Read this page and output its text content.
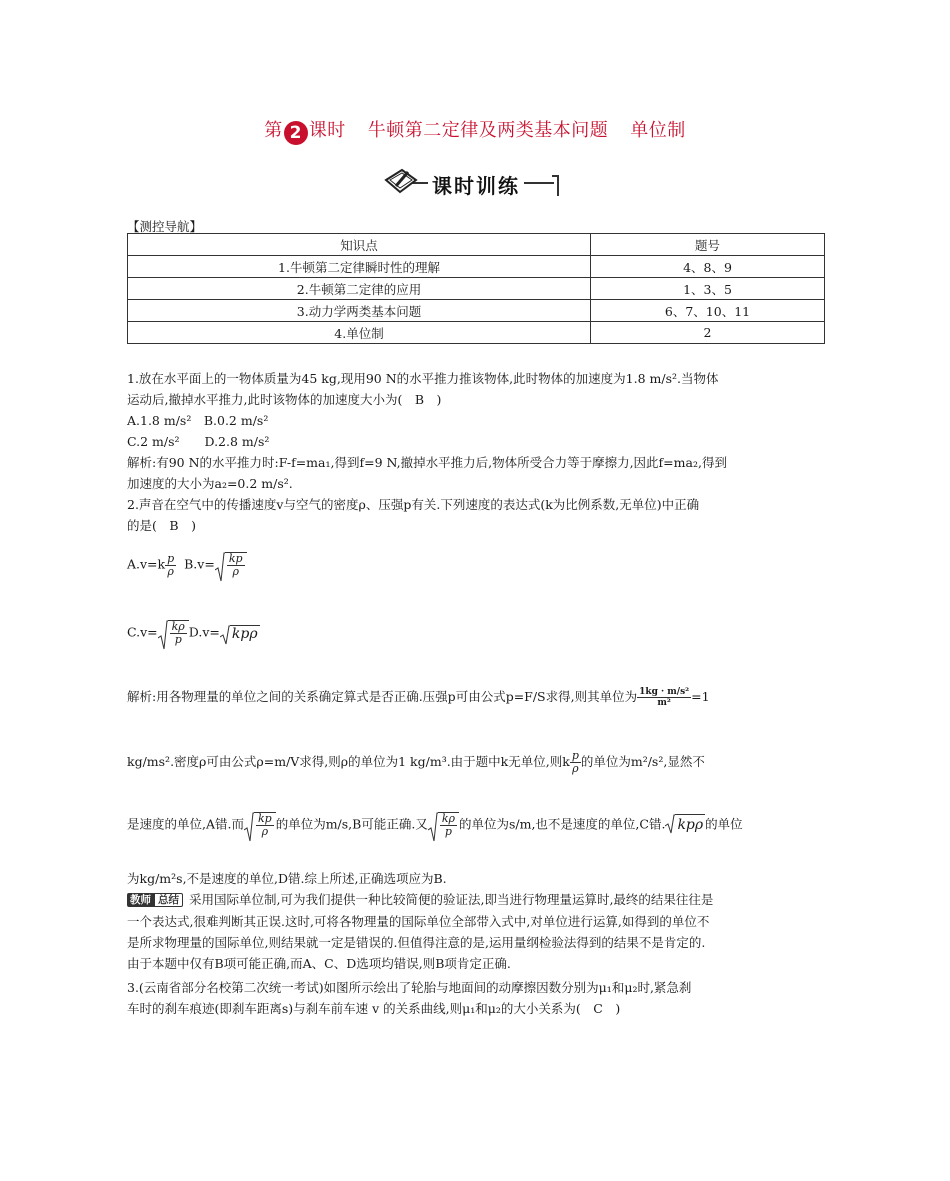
第 2 课时 牛顿第二定律及两类基本问题 单位制
课时训练
【测控导航】
知识点	题号
1.牛顿第二定律瞬时性的理解	4、8、9
2.牛顿第二定律的应用	1、3、5
3.动力学两类基本问题	6、7、10、11
4.单位制	2
1.放在水平面上的一物体质量为45 kg,现用90 N的水平推力推该物体,此时物体的加速度为1.8 m/s².当物体
运动后,撤掉水平推力,此时该物体的加速度大小为(　B　)
A.1.8 m/s²　B.0.2 m/s²
C.2 m/s²　　D.2.8 m/s²
解析:有90 N的水平推力时:F-f=ma₁,得到f=9 N,撤掉水平推力后,物体所受合力等于摩擦力,因此f=ma₂,得到
加速度的大小为a₂=0.2 m/s².
2.声音在空气中的传播速度v与空气的密度ρ、压强p有关.下列速度的表达式(k为比例系数,无单位)中正确
的是(　B　)
$A.v=k \frac{p}{\rho} B.v= \frac{kp}{\rho}$
$C.v= \frac{k\rho}{p} D.v= kp\rho$
解析:用各物理量的单位之间的关系确定算式是否正确.压强p可由公式p=F/S求得,则其单位为 $\frac{\text{1kg · m/s²}}{\text{m²}} =1$
kg/ms².密度ρ可由公式ρ=m/V求得,则ρ的单位为1 kg/m³.由于题中k无单位,则k $\frac{p}{\rho}$ 的单位为m²/s²,显然不
是速度的单位,A错.而 $\frac{kp}{\rho}$ 的单位为m/s,B可能正确.又 $\frac{k\rho}{p}$ 的单位为s/m,也不是速度的单位,C错. kpρ 的单位
为kg/m²s,不是速度的单位,D错.综上所述,正确选项应为B.
教师 总结 采用国际单位制,可为我们提供一种比较简便的验证法,即当进行物理量运算时,最终的结果往往是
一个表达式,很难判断其正误.这时,可将各物理量的国际单位全部带入式中,对单位进行运算,如得到的单位不
是所求物理量的国际单位,则结果就一定是错误的.但值得注意的是,运用量纲检验法得到的结果不是肯定的.
由于本题中仅有B项可能正确,而A、C、D选项均错误,则B项肯定正确.
3.(云南省部分名校第二次统一考试)如图所示绘出了轮胎与地面间的动摩擦因数分别为μ₁和μ₂时,紧急刹
车时的刹车痕迹(即刹车距离s)与刹车前车速 v 的关系曲线,则μ₁和μ₂的大小关系为(　C　)
